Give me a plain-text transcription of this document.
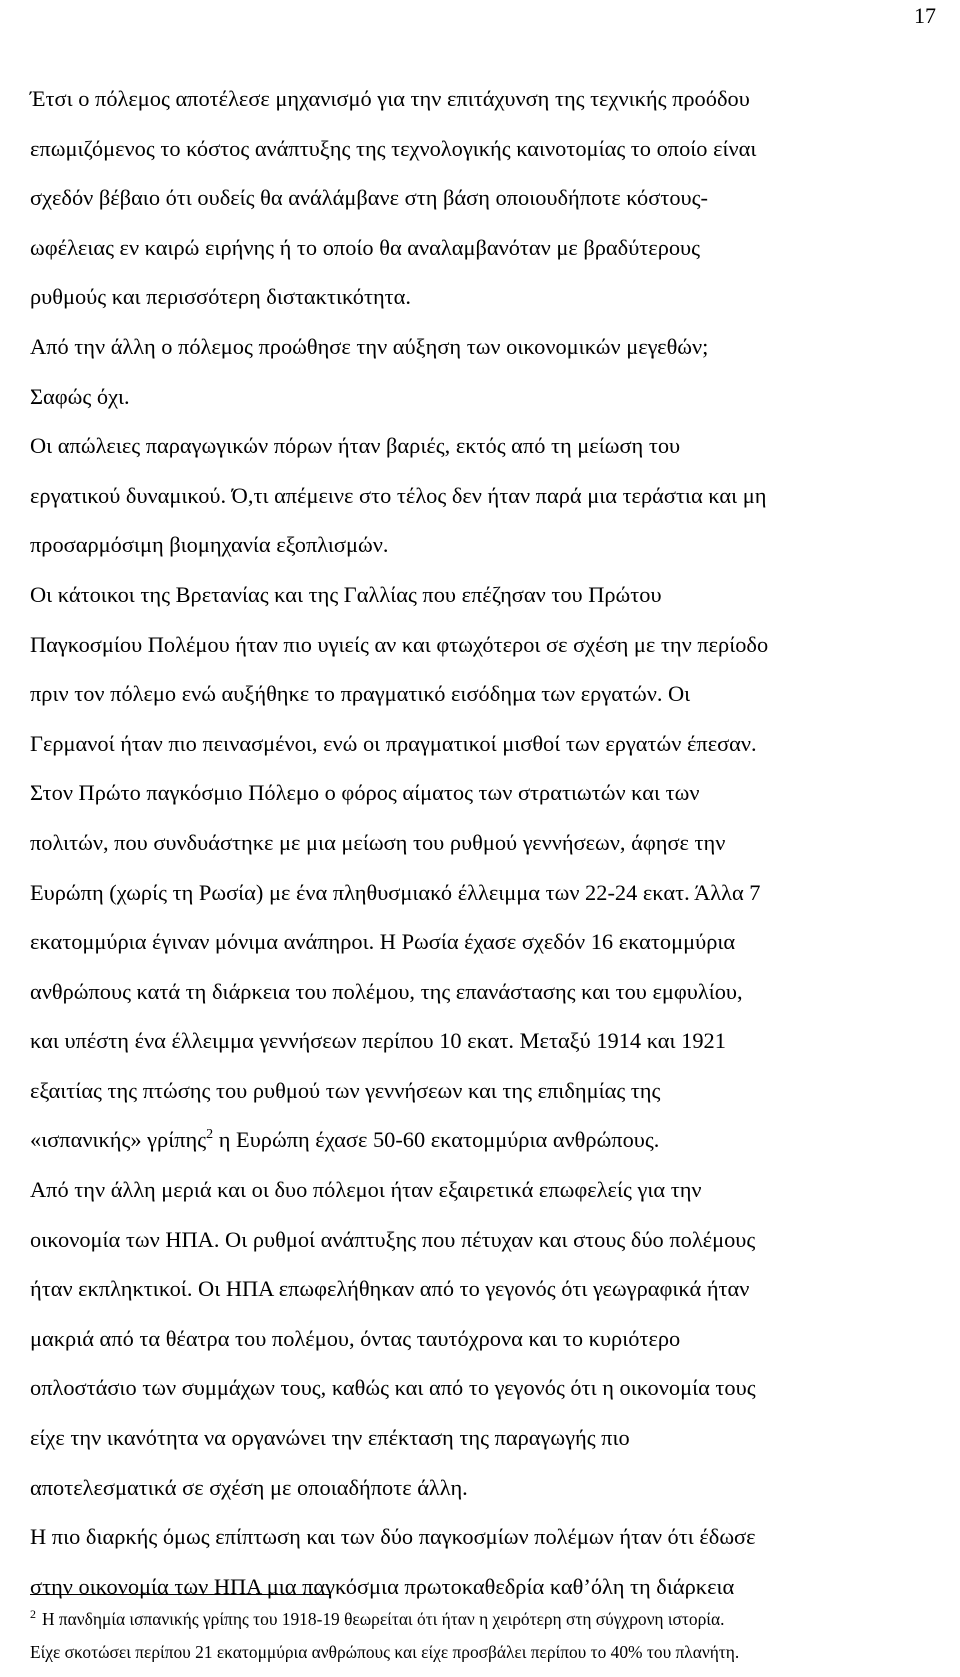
17

Έτσι ο πόλεμος αποτέλεσε μηχανισμό για την επιτάχυνση της τεχνικής προόδου
επωμιζόμενος το κόστος ανάπτυξης της τεχνολογικής καινοτομίας το οποίο είναι
σχεδόν βέβαιο ότι ουδείς θα ανάλάμβανε στη βάση οποιουδήποτε κόστους-
ωφέλειας εν καιρώ ειρήνης ή το οποίο θα αναλαμβανόταν με βραδύτερους
ρυθμούς και περισσότερη διστακτικότητα.

Από την άλλη ο πόλεμος προώθησε την αύξηση των οικονομικών μεγεθών;
Σαφώς όχι.

Οι απώλειες παραγωγικών πόρων ήταν βαριές, εκτός από τη μείωση του
εργατικού δυναμικού. Ό,τι απέμεινε στο τέλος δεν ήταν παρά μια τεράστια και μη
προσαρμόσιμη βιομηχανία εξοπλισμών.

Οι κάτοικοι της Βρετανίας και της Γαλλίας που επέζησαν του Πρώτου
Παγκοσμίου Πολέμου ήταν πιο υγιείς αν και φτωχότεροι σε σχέση με την περίοδο
πριν τον πόλεμο ενώ αυξήθηκε το πραγματικό εισόδημα των εργατών. Οι
Γερμανοί ήταν πιο πεινασμένοι, ενώ οι πραγματικοί μισθοί των εργατών έπεσαν.

Στον Πρώτο παγκόσμιο Πόλεμο ο φόρος αίματος των στρατιωτών και των
πολιτών, που συνδυάστηκε με μια μείωση του ρυθμού γεννήσεων, άφησε την
Ευρώπη (χωρίς τη Ρωσία) με ένα πληθυσμιακό έλλειμμα των 22-24 εκατ. Άλλα 7
εκατομμύρια έγιναν μόνιμα ανάπηροι. Η Ρωσία έχασε σχεδόν 16 εκατομμύρια
ανθρώπους κατά τη διάρκεια του πολέμου, της επανάστασης και του εμφυλίου,
και υπέστη ένα έλλειμμα γεννήσεων περίπου 10 εκατ. Μεταξύ 1914 και 1921
εξαιτίας της πτώσης του ρυθμού των γεννήσεων και της επιδημίας της
«ισπανικής» γρίπης$^2$ η Ευρώπη έχασε 50-60 εκατομμύρια ανθρώπους.

Από την άλλη μεριά και οι δυο πόλεμοι ήταν εξαιρετικά επωφελείς για την
οικονομία των ΗΠΑ. Οι ρυθμοί ανάπτυξης που πέτυχαν και στους δύο πολέμους
ήταν εκπληκτικοί. Οι ΗΠΑ επωφελήθηκαν από το γεγονός ότι γεωγραφικά ήταν
μακριά από τα θέατρα του πολέμου, όντας ταυτόχρονα και το κυριότερο
οπλοστάσιο των συμμάχων τους, καθώς και από το γεγονός ότι η οικονομία τους
είχε την ικανότητα να οργανώνει την επέκταση της παραγωγής πιο
αποτελεσματικά σε σχέση με οποιαδήποτε άλλη.

Η πιο διαρκής όμως επίπτωση και των δύο παγκοσμίων πολέμων ήταν ότι έδωσε
στην οικονομία των ΗΠΑ μια παγκόσμια πρωτοκαθεδρία καθ’όλη τη διάρκεια

$^2$ Η πανδημία ισπανικής γρίπης του 1918-19 θεωρείται ότι ήταν η χειρότερη στη σύγχρονη ιστορία.
Είχε σκοτώσει περίπου 21 εκατομμύρια ανθρώπους και είχε προσβάλει περίπου το 40% του πλανήτη.
